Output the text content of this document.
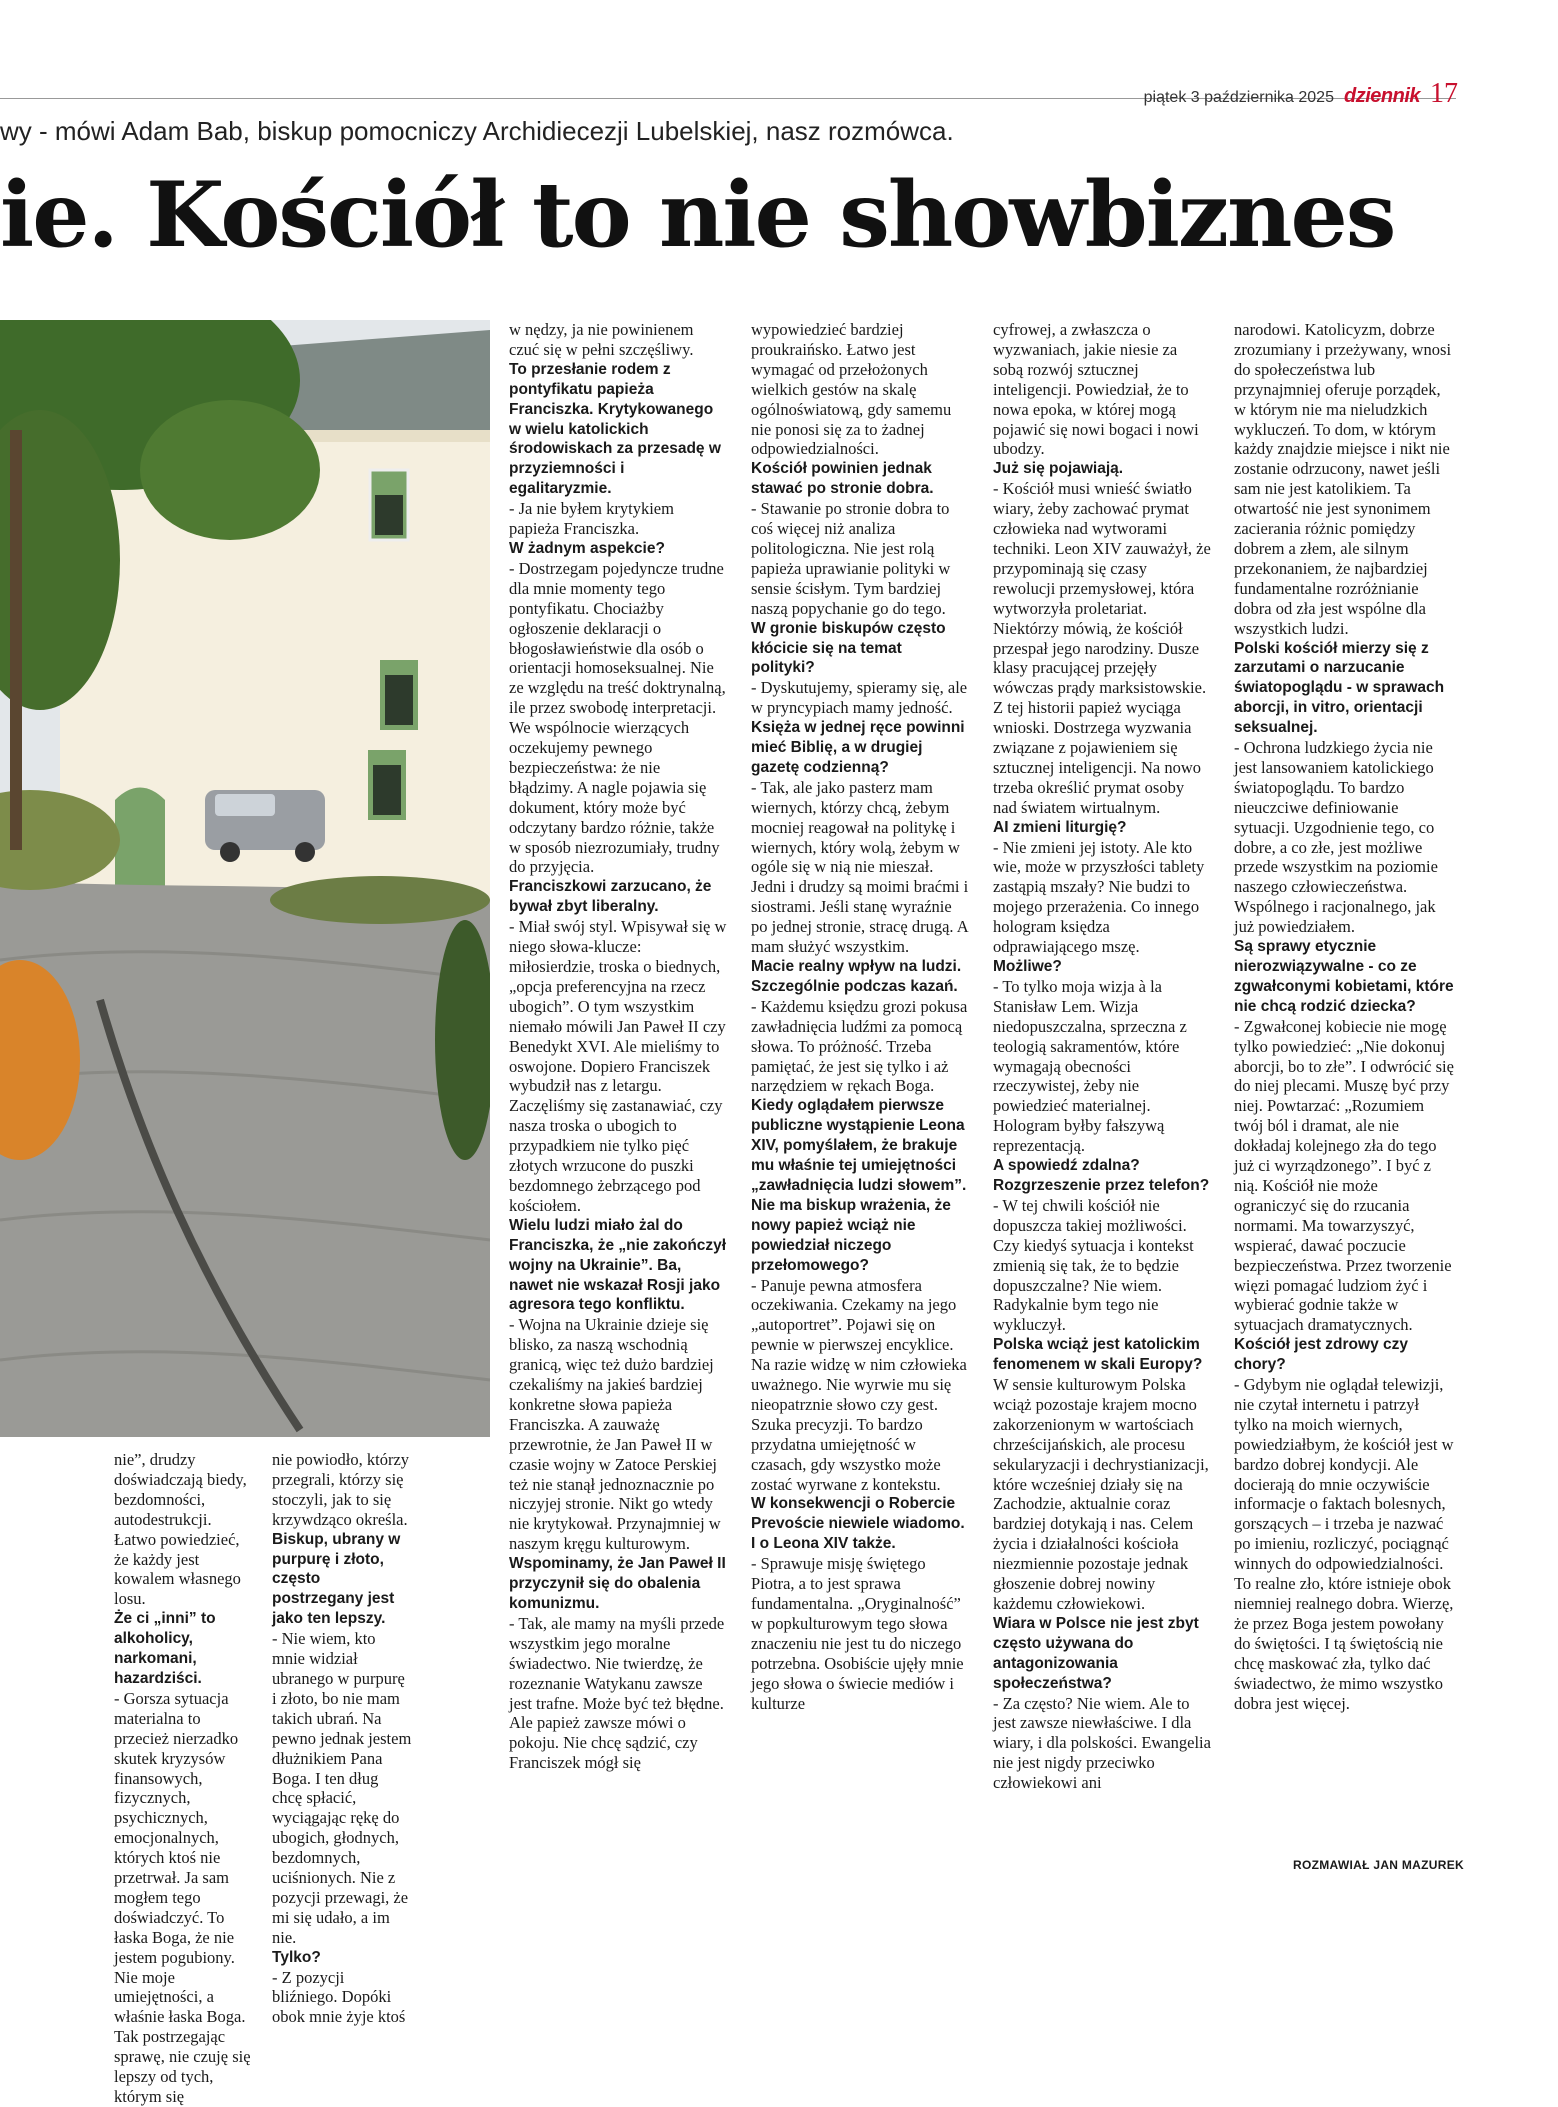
piątek 3 października 2025 dziennik 17
wy - mówi Adam Bab, biskup pomocniczy Archidiecezji Lubelskiej, nasz rozmówca.
ie. Kościół to nie showbiznes

nie”, drudzy doświadczają biedy, bezdomności, autodestrukcji. Łatwo powiedzieć, że każdy jest kowalem własnego losu.

Że ci „inni” to alkoholicy, narkomani, hazardziści.

- Gorsza sytuacja materialna to przecież nierzadko skutek kryzysów finansowych, fizycznych, psychicznych, emocjonalnych, których ktoś nie przetrwał. Ja sam mogłem tego doświadczyć. To łaska Boga, że nie jestem pogubiony. Nie moje umiejętności, a właśnie łaska Boga. Tak postrzegając sprawę, nie czuję się lepszy od tych, którym się

nie powiodło, którzy przegrali, którzy się stoczyli, jak to się krzywdząco określa.

Biskup, ubrany w purpurę i złoto, często postrzegany jest jako ten lepszy.

- Nie wiem, kto mnie widział ubranego w purpurę i złoto, bo nie mam takich ubrań. Na pewno jednak jestem dłużnikiem Pana Boga. I ten dług chcę spłacić, wyciągając rękę do ubogich, głodnych, bezdomnych, uciśnionych. Nie z pozycji przewagi, że mi się udało, a im nie.

Tylko?

- Z pozycji bliźniego. Dopóki obok mnie żyje ktoś

w nędzy, ja nie powinienem czuć się w pełni szczęśliwy.

To przesłanie rodem z pontyfikatu papieża Franciszka. Krytykowanego w wielu katolickich środowiskach za przesadę w przyziemności i egalitaryzmie.

- Ja nie byłem krytykiem papieża Franciszka.

W żadnym aspekcie?

- Dostrzegam pojedyncze trudne dla mnie momenty tego pontyfikatu. Chociażby ogłoszenie deklaracji o błogosławieństwie dla osób o orientacji homoseksualnej. Nie ze względu na treść doktrynalną, ile przez swobodę interpretacji. We wspólnocie wierzących oczekujemy pewnego bezpieczeństwa: że nie błądzimy. A nagle pojawia się dokument, który może być odczytany bardzo różnie, także w sposób niezrozumiały, trudny do przyjęcia.

Franciszkowi zarzucano, że bywał zbyt liberalny.

- Miał swój styl. Wpisywał się w niego słowa-klucze: miłosierdzie, troska o biednych, „opcja preferencyjna na rzecz ubogich”. O tym wszystkim niemało mówili Jan Paweł II czy Benedykt XVI. Ale mieliśmy to oswojone. Dopiero Franciszek wybudził nas z letargu. Zaczęliśmy się zastanawiać, czy nasza troska o ubogich to przypadkiem nie tylko pięć złotych wrzucone do puszki bezdomnego żebrzącego pod kościołem.

Wielu ludzi miało żal do Franciszka, że „nie zakończył wojny na Ukrainie”. Ba, nawet nie wskazał Rosji jako agresora tego konfliktu.

- Wojna na Ukrainie dzieje się blisko, za naszą wschodnią granicą, więc też dużo bardziej czekaliśmy na jakieś bardziej konkretne słowa papieża Franciszka. A zauważę przewrotnie, że Jan Paweł II w czasie wojny w Zatoce Perskiej też nie stanął jednoznacznie po niczyjej stronie. Nikt go wtedy nie krytykował. Przynajmniej w naszym kręgu kulturowym.

Wspominamy, że Jan Paweł II przyczynił się do obalenia komunizmu.

- Tak, ale mamy na myśli przede wszystkim jego moralne świadectwo. Nie twierdzę, że rozeznanie Watykanu zawsze jest trafne. Może być też błędne. Ale papież zawsze mówi o pokoju. Nie chcę sądzić, czy Franciszek mógł się

wypowiedzieć bardziej proukraińsko. Łatwo jest wymagać od przełożonych wielkich gestów na skalę ogólnoświatową, gdy samemu nie ponosi się za to żadnej odpowiedzialności.

Kościół powinien jednak stawać po stronie dobra.

- Stawanie po stronie dobra to coś więcej niż analiza politologiczna. Nie jest rolą papieża uprawianie polityki w sensie ścisłym. Tym bardziej naszą popychanie go do tego.

W gronie biskupów często kłócicie się na temat polityki?

- Dyskutujemy, spieramy się, ale w pryncypiach mamy jedność.

Księża w jednej ręce powinni mieć Biblię, a w drugiej gazetę codzienną?

- Tak, ale jako pasterz mam wiernych, którzy chcą, żebym mocniej reagował na politykę i wiernych, który wolą, żebym w ogóle się w nią nie mieszał. Jedni i drudzy są moimi braćmi i siostrami. Jeśli stanę wyraźnie po jednej stronie, stracę drugą. A mam służyć wszystkim.

Macie realny wpływ na ludzi. Szczególnie podczas kazań.

- Każdemu księdzu grozi pokusa zawładnięcia ludźmi za pomocą słowa. To próżność. Trzeba pamiętać, że jest się tylko i aż narzędziem w rękach Boga.

Kiedy oglądałem pierwsze publiczne wystąpienie Leona XIV, pomyślałem, że brakuje mu właśnie tej umiejętności „zawładnięcia ludzi słowem”. Nie ma biskup wrażenia, że nowy papież wciąż nie powiedział niczego przełomowego?

- Panuje pewna atmosfera oczekiwania. Czekamy na jego „autoportret”. Pojawi się on pewnie w pierwszej encyklice. Na razie widzę w nim człowieka uważnego. Nie wyrwie mu się nieopatrznie słowo czy gest. Szuka precyzji. To bardzo przydatna umiejętność w czasach, gdy wszystko może zostać wyrwane z kontekstu.

W konsekwencji o Robercie Prevoście niewiele wiadomo. I o Leona XIV także.

- Sprawuje misję świętego Piotra, a to jest sprawa fundamentalna. „Oryginalność” w popkulturowym tego słowa znaczeniu nie jest tu do niczego potrzebna. Osobiście ujęły mnie jego słowa o świecie mediów i kulturze

cyfrowej, a zwłaszcza o wyzwaniach, jakie niesie za sobą rozwój sztucznej inteligencji. Powiedział, że to nowa epoka, w której mogą pojawić się nowi bogaci i nowi ubodzy.

Już się pojawiają.

- Kościół musi wnieść światło wiary, żeby zachować prymat człowieka nad wytworami techniki. Leon XIV zauważył, że przypominają się czasy rewolucji przemysłowej, która wytworzyła proletariat. Niektórzy mówią, że kościół przespał jego narodziny. Dusze klasy pracującej przejęły wówczas prądy marksistowskie. Z tej historii papież wyciąga wnioski. Dostrzega wyzwania związane z pojawieniem się sztucznej inteligencji. Na nowo trzeba określić prymat osoby nad światem wirtualnym.

AI zmieni liturgię?

- Nie zmieni jej istoty. Ale kto wie, może w przyszłości tablety zastąpią mszały? Nie budzi to mojego przerażenia. Co innego hologram księdza odprawiającego mszę.

Możliwe?

- To tylko moja wizja à la Stanisław Lem. Wizja niedopuszczalna, sprzeczna z teologią sakramentów, które wymagają obecności rzeczywistej, żeby nie powiedzieć materialnej. Hologram byłby fałszywą reprezentacją.

A spowiedź zdalna? Rozgrzeszenie przez telefon?

- W tej chwili kościół nie dopuszcza takiej możliwości. Czy kiedyś sytuacja i kontekst zmienią się tak, że to będzie dopuszczalne? Nie wiem. Radykalnie bym tego nie wykluczył.

Polska wciąż jest katolickim fenomenem w skali Europy?

W sensie kulturowym Polska wciąż pozostaje krajem mocno zakorzenionym w wartościach chrześcijańskich, ale procesu sekularyzacji i dechrystianizacji, które wcześniej działy się na Zachodzie, aktualnie coraz bardziej dotykają i nas. Celem życia i działalności kościoła niezmiennie pozostaje jednak głoszenie dobrej nowiny każdemu człowiekowi.

Wiara w Polsce nie jest zbyt często używana do antagonizowania społeczeństwa?

- Za często? Nie wiem. Ale to jest zawsze niewłaściwe. I dla wiary, i dla polskości. Ewangelia nie jest nigdy przeciwko człowiekowi ani

narodowi. Katolicyzm, dobrze zrozumiany i przeżywany, wnosi do społeczeństwa lub przynajmniej oferuje porządek, w którym nie ma nieludzkich wykluczeń. To dom, w którym każdy znajdzie miejsce i nikt nie zostanie odrzucony, nawet jeśli sam nie jest katolikiem. Ta otwartość nie jest synonimem zacierania różnic pomiędzy dobrem a złem, ale silnym przekonaniem, że najbardziej fundamentalne rozróżnianie dobra od zła jest wspólne dla wszystkich ludzi.

Polski kościół mierzy się z zarzutami o narzucanie światopoglądu - w sprawach aborcji, in vitro, orientacji seksualnej.

- Ochrona ludzkiego życia nie jest lansowaniem katolickiego światopoglądu. To bardzo nieuczciwe definiowanie sytuacji. Uzgodnienie tego, co dobre, a co złe, jest możliwe przede wszystkim na poziomie naszego człowieczeństwa. Wspólnego i racjonalnego, jak już powiedziałem.

Są sprawy etycznie nierozwiązywalne - co ze zgwałconymi kobietami, które nie chcą rodzić dziecka?

- Zgwałconej kobiecie nie mogę tylko powiedzieć: „Nie dokonuj aborcji, bo to złe”. I odwrócić się do niej plecami. Muszę być przy niej. Powtarzać: „Rozumiem twój ból i dramat, ale nie dokładaj kolejnego zła do tego już ci wyrządzonego”. I być z nią. Kościół nie może ograniczyć się do rzucania normami. Ma towarzyszyć, wspierać, dawać poczucie bezpieczeństwa. Przez tworzenie więzi pomagać ludziom żyć i wybierać godnie także w sytuacjach dramatycznych.

Kościół jest zdrowy czy chory?

- Gdybym nie oglądał telewizji, nie czytał internetu i patrzył tylko na moich wiernych, powiedziałbym, że kościół jest w bardzo dobrej kondycji. Ale docierają do mnie oczywiście informacje o faktach bolesnych, gorszących – i trzeba je nazwać po imieniu, rozliczyć, pociągnąć winnych do odpowiedzialności. To realne zło, które istnieje obok niemniej realnego dobra. Wierzę, że przez Boga jestem powołany do świętości. I tą świętością nie chcę maskować zła, tylko dać świadectwo, że mimo wszystko dobra jest więcej.

ROZMAWIAŁ JAN MAZUREK
